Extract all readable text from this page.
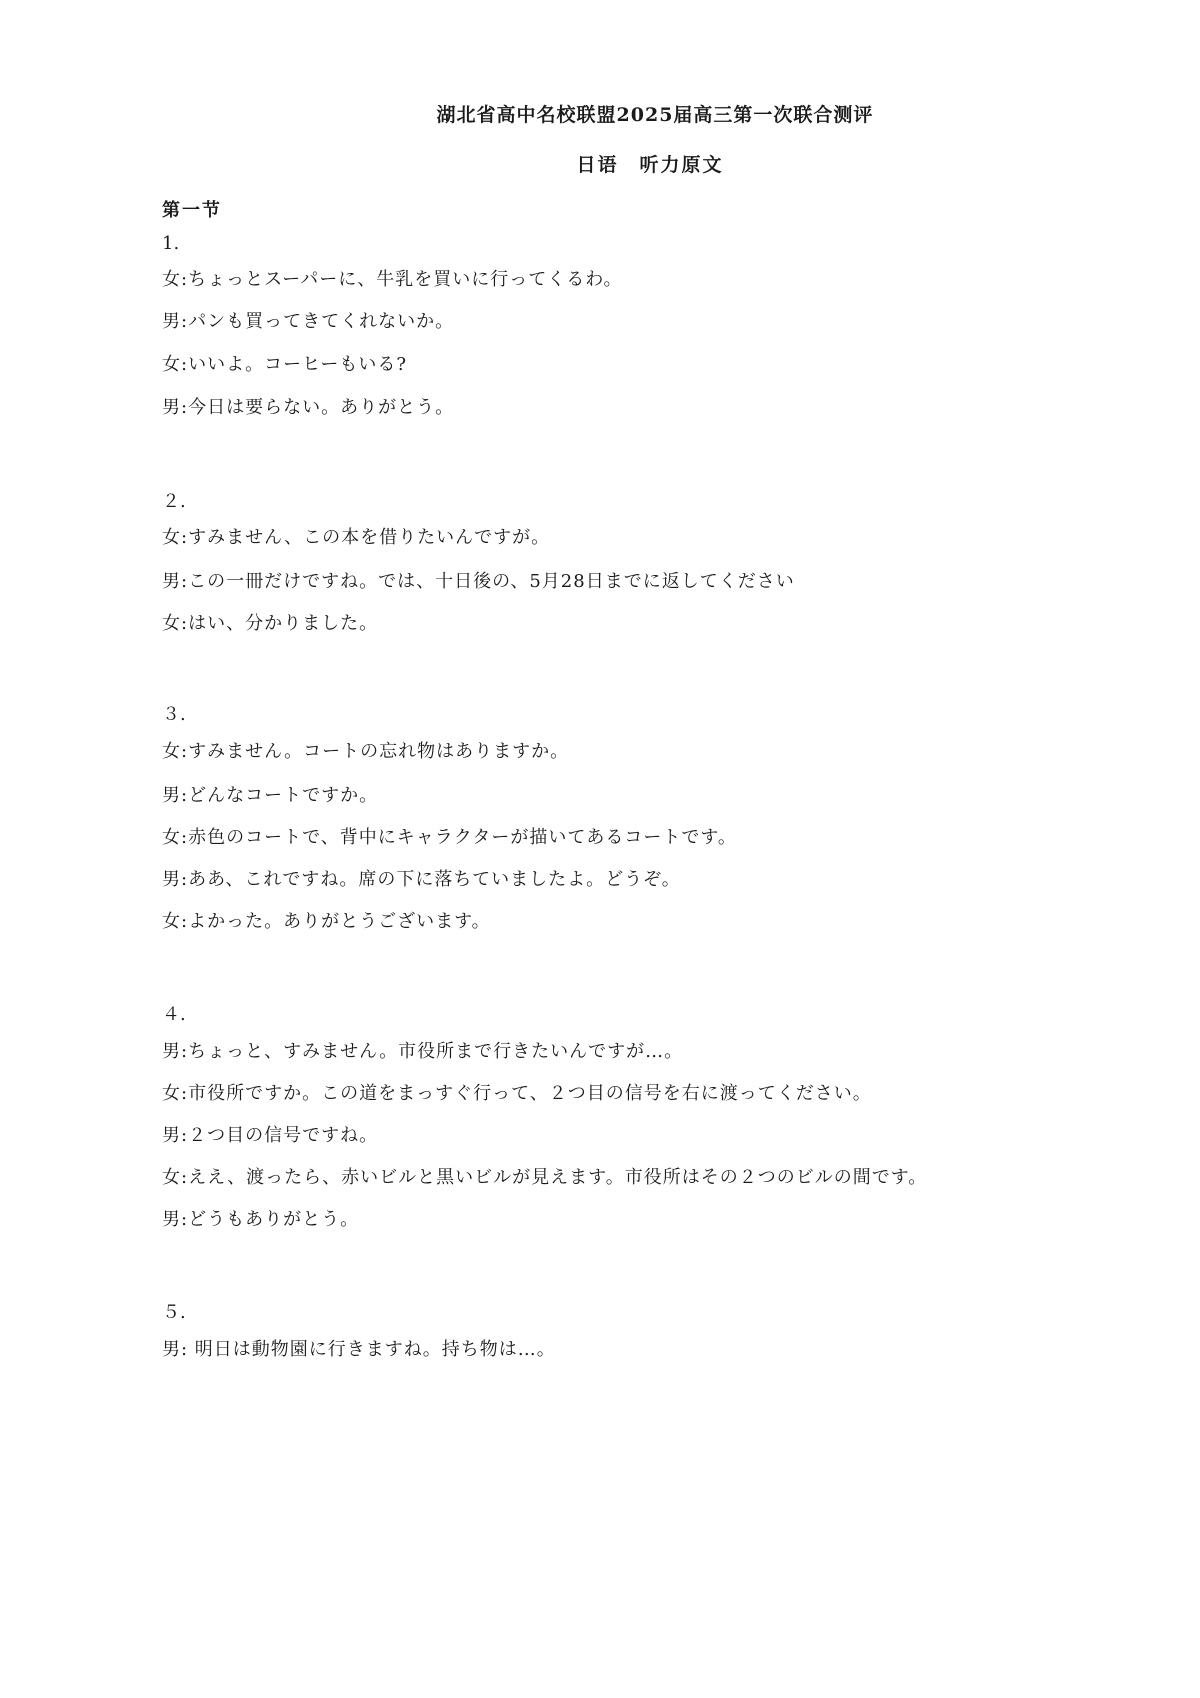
湖北省高中名校联盟2025届高三第一次联合测评
日语　听力原文
第一节
1.
女:ちょっとスーパーに、牛乳を買いに行ってくるわ。
男:パンも買ってきてくれないか。
女:いいよ。コーヒーもいる?
男:今日は要らない。ありがとう。
２.
女:すみません、この本を借りたいんですが。
男:この一冊だけですね。では、十日後の、5月28日までに返してください
女:はい、分かりました。
３.
女:すみません。コートの忘れ物はありますか。
男:どんなコートですか。
女:赤色のコートで、背中にキャラクターが描いてあるコートです。
男:ああ、これですね。席の下に落ちていましたよ。どうぞ。
女:よかった。ありがとうございます。
４.
男:ちょっと、すみません。市役所まで行きたいんですが…。
女:市役所ですか。この道をまっすぐ行って、２つ目の信号を右に渡ってください。
男:２つ目の信号ですね。
女:ええ、渡ったら、赤いビルと黒いビルが見えます。市役所はその２つのビルの間です。
男:どうもありがとう。
５.
男: 明日は動物園に行きますね。持ち物は…。
